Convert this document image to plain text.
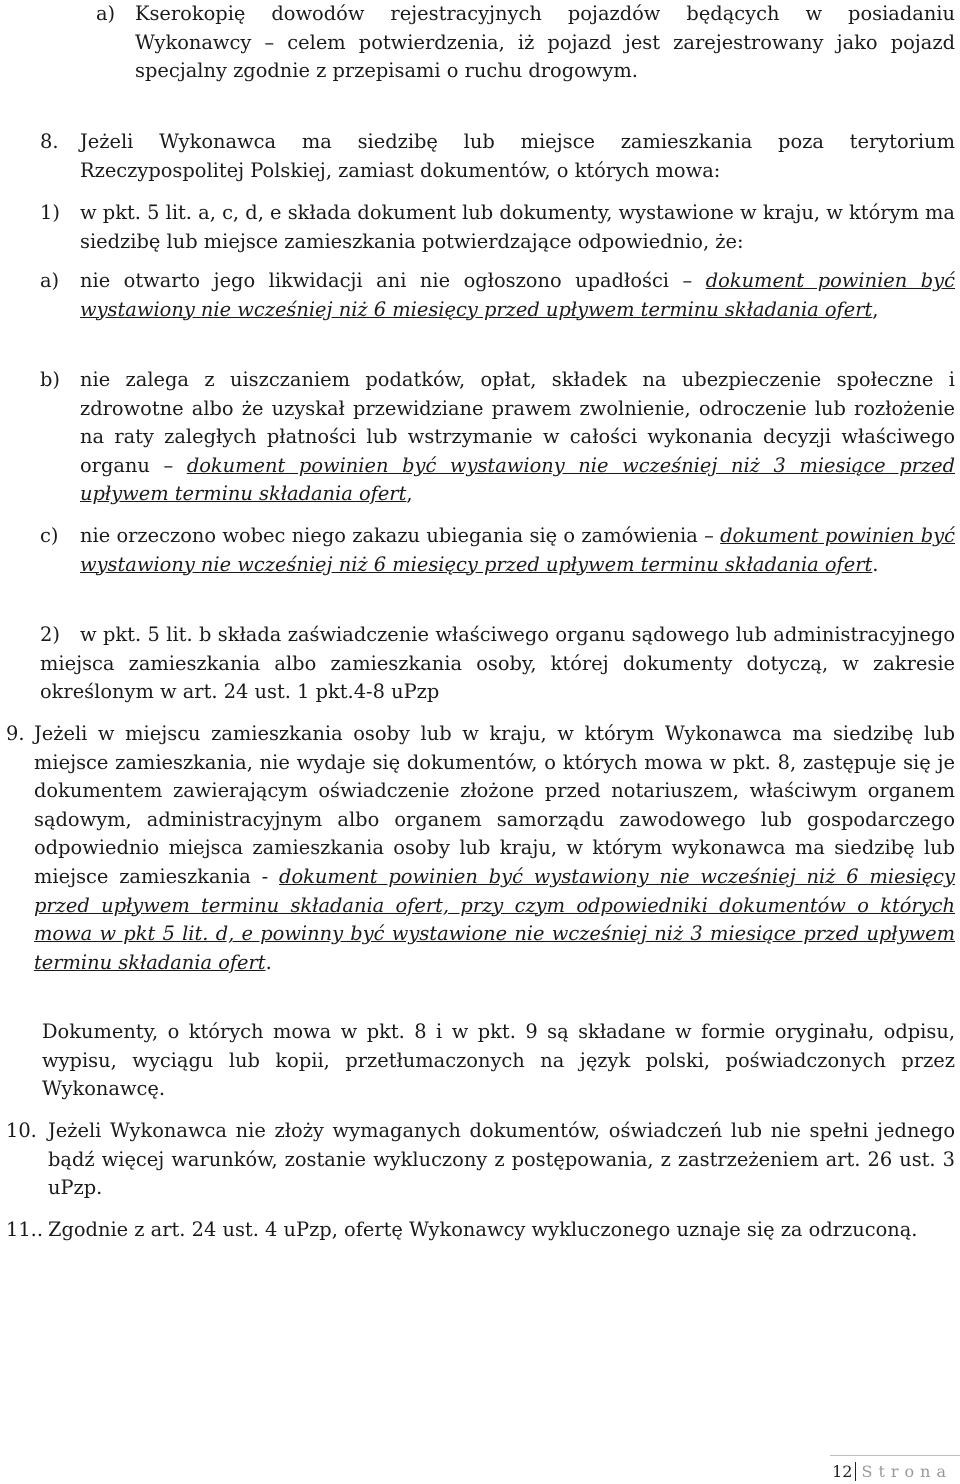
a) Kserokopię dowodów rejestracyjnych pojazdów będących w posiadaniu Wykonawcy – celem potwierdzenia, iż pojazd jest zarejestrowany jako pojazd specjalny zgodnie z przepisami o ruchu drogowym.
8. Jeżeli Wykonawca ma siedzibę lub miejsce zamieszkania poza terytorium Rzeczypospolitej Polskiej, zamiast dokumentów, o których mowa:
1) w pkt. 5 lit. a, c, d, e składa dokument lub dokumenty, wystawione w kraju, w którym ma siedzibę lub miejsce zamieszkania potwierdzające odpowiednio, że:
a) nie otwarto jego likwidacji ani nie ogłoszono upadłości – dokument powinien być wystawiony nie wcześniej niż 6 miesięcy przed upływem terminu składania ofert,
b) nie zalega z uiszczaniem podatków, opłat, składek na ubezpieczenie społeczne i zdrowotne albo że uzyskał przewidziane prawem zwolnienie, odroczenie lub rozłożenie na raty zaległych płatności lub wstrzymanie w całości wykonania decyzji właściwego organu – dokument powinien być wystawiony nie wcześniej niż 3 miesiące przed upływem terminu składania ofert,
c) nie orzeczono wobec niego zakazu ubiegania się o zamówienia – dokument powinien być wystawiony nie wcześniej niż 6 miesięcy przed upływem terminu składania ofert.
2)	w pkt. 5 lit. b składa zaświadczenie właściwego organu sądowego lub administracyjnego miejsca zamieszkania albo zamieszkania osoby, której dokumenty dotyczą, w zakresie określonym w art. 24 ust. 1 pkt.4-8 uPzp
9. Jeżeli w miejscu zamieszkania osoby lub w kraju, w którym Wykonawca ma siedzibę lub miejsce zamieszkania, nie wydaje się dokumentów, o których mowa w pkt. 8, zastępuje się je dokumentem zawierającym oświadczenie złożone przed notariuszem, właściwym organem sądowym, administracyjnym albo organem samorządu zawodowego lub gospodarczego odpowiednio miejsca zamieszkania osoby lub kraju, w którym wykonawca ma siedzibę lub miejsce zamieszkania - dokument powinien być wystawiony nie wcześniej niż 6 miesięcy przed upływem terminu składania ofert, przy czym odpowiedniki dokumentów o których mowa w pkt 5 lit. d, e powinny być wystawione nie wcześniej niż 3 miesiące przed upływem terminu składania ofert.
Dokumenty, o których mowa w pkt. 8 i w pkt. 9 są składane w formie oryginału, odpisu, wypisu, wyciągu lub kopii, przetłumaczonych na język polski, poświadczonych przez Wykonawcę.
10. Jeżeli Wykonawca nie złoży wymaganych dokumentów, oświadczeń lub nie spełni jednego bądź więcej warunków, zostanie wykluczony z postępowania, z zastrzeżeniem art. 26 ust. 3 uPzp.
11.. Zgodnie z art. 24 ust. 4 uPzp, ofertę Wykonawcy wykluczonego uznaje się za odrzuconą.
12 Strona
